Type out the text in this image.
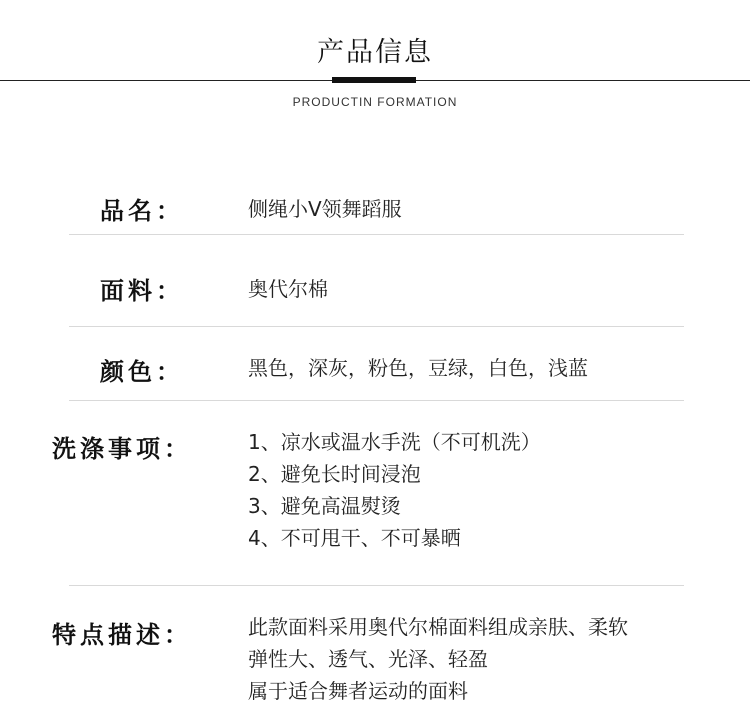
产品信息
PRODUCTIN FORMATION
品名：	侧绳小V领舞蹈服
面料：	奥代尔棉
颜色：	黑色，深灰，粉色，豆绿，白色，浅蓝
洗涤事项：	1、凉水或温水手洗（不可机洗）
2、避免长时间浸泡
3、避免高温熨烫
4、不可甩干、不可暴晒
特点描述：	此款面料采用奥代尔棉面料组成亲肤、柔软
弹性大、透气、光泽、轻盈
属于适合舞者运动的面料
